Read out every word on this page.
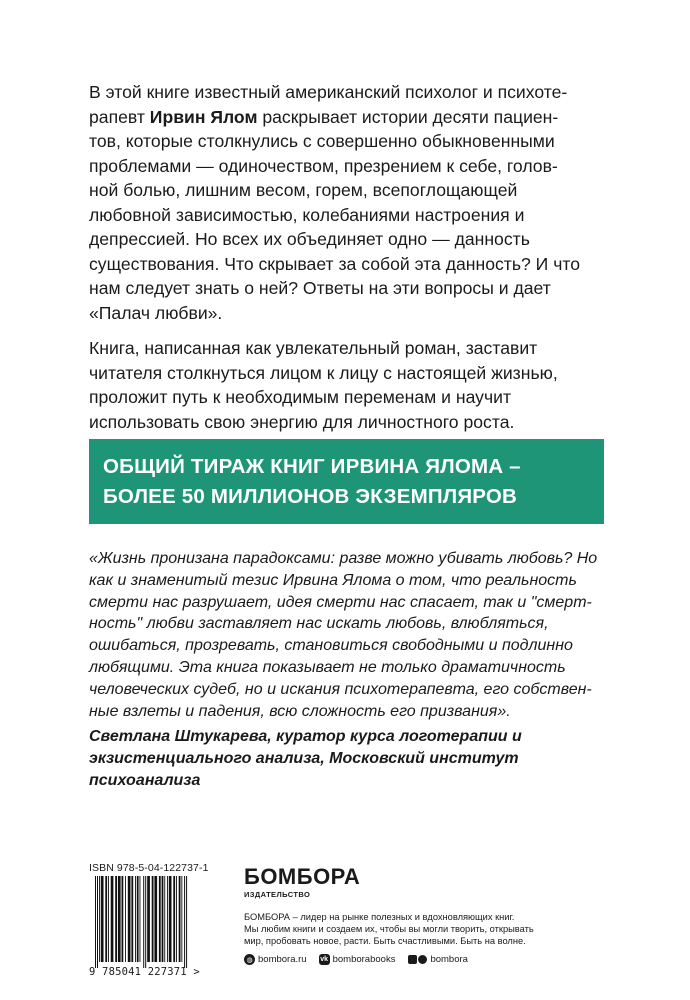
В этой книге известный американский психолог и психоте-
рапевт Ирвин Ялом раскрывает истории десяти пациен-
тов, которые столкнулись с совершенно обыкновенными
проблемами — одиночеством, презрением к себе, голов-
ной болью, лишним весом, горем, всепоглощающей
любовной зависимостью, колебаниями настроения и
депрессией. Но всех их объединяет одно — данность
существования. Что скрывает за собой эта данность? И что
нам следует знать о ней? Ответы на эти вопросы и дает
«Палач любви».

Книга, написанная как увлекательный роман, заставит
читателя столкнуться лицом к лицу с настоящей жизнью,
проложит путь к необходимым переменам и научит
использовать свою энергию для личностного роста.

ОБЩИЙ ТИРАЖ КНИГ ИРВИНА ЯЛОМА –
БОЛЕЕ 50 МИЛЛИОНОВ ЭКЗЕМПЛЯРОВ
«Жизнь пронизана парадоксами: разве можно убивать любовь? Но
как и знаменитый тезис Ирвина Ялома о том, что реальность
смерти нас разрушает, идея смерти нас спасает, так и "смерт-
ность" любви заставляет нас искать любовь, влюбляться,
ошибаться, прозревать, становиться свободными и подлинно
любящими. Эта книга показывает не только драматичность
человеческих судеб, но и искания психотерапевта, его собствен-
ные взлеты и падения, всю сложность его призвания».
Светлана Штукарева, куратор курса логотерапии и
экзистенциального анализа, Московский институт
психоанализа
ISBN 978-5-04-122737-1
9 785041 227371 >
БОМБОРА
ИЗДАТЕЛЬСТВО
БОМБОРА – лидер на рынке полезных и вдохновляющих книг.
Мы любим книги и создаем их, чтобы вы могли творить, открывать
мир, пробовать новое, расти. Быть счастливыми. Быть на волне.
◍ bombora.ru vk bomborabooks	bombora
